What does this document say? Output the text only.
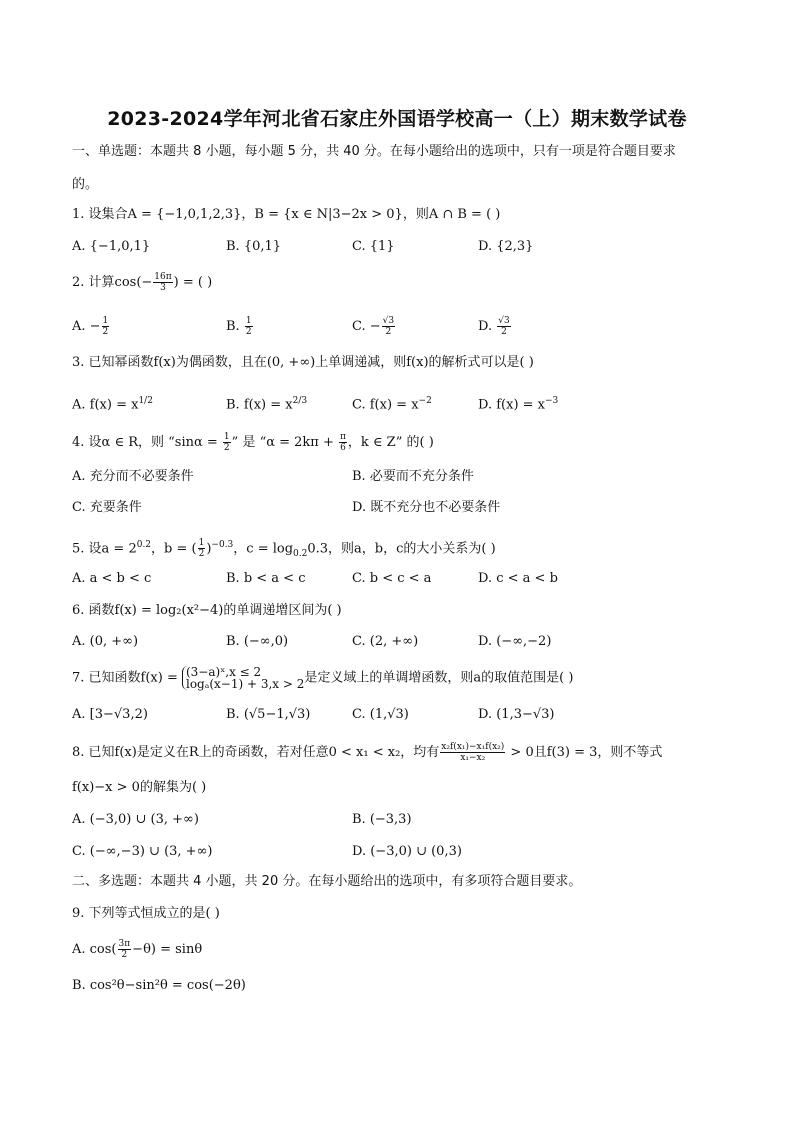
2023-2024学年河北省石家庄外国语学校高一（上）期末数学试卷
一、单选题：本题共 8 小题，每小题 5 分，共 40 分。在每小题给出的选项中，只有一项是符合题目要求
的。
1. 设集合A = {−1,0,1,2,3}，B = {x ∈ N|3−2x > 0}，则A ∩ B = ( )
A. {−1,0,1}	B. {0,1}	C. {1}	D. {2,3}
2. 计算$\cos(- \frac{16\pi}{3}$ ) = ( )
A. − $\frac{1}{2}$	B. $\frac{1}{2}$	C. − $\frac{√3}{2}$	D. $\frac{√3}{2}$
3. 已知幂函数f(x)为偶函数，且在(0, +∞)上单调递减，则f(x)的解析式可以是( )
A. $f(x) = x^{1/2}$	B. $f(x) = x^{2/3}$	C. $f(x) = x^{-2}$	D. $f(x) = x^{-3}$
4. 设α ∈ R，则 “$\sin\alpha = \frac{1}{2}$ ” 是 “$\alpha = 2k\pi + \frac{\pi}{6}$ ，k ∈ Z” 的( )
A. 充分而不必要条件	B. 必要而不充分条件
C. 充要条件	D. 既不充分也不必要条件
5. 设$a = 2^{0.2}$，b = ( $\frac{1}{2} )^{-0.3}$，$c = \log_{0.2}0.3$，则a，b，c的大小关系为( )
A. a < b < c	B. b < a < c	C. b < c < a	D. c < a < b
6. 函数f(x) = log₂(x²−4)的单调递增区间为( )
A. (0, +∞)	B. (−∞,0)	C. (2, +∞)	D. (−∞,−2)
7. 已知函数f(x) = (3−a)ˣ,x ≤ 2
logₐ(x−1) + 3,x > 2 是定义域上的单调增函数，则a的取值范围是( )
A. [3−√3,2)	B. (√5−1,√3)	C. (1,√3)	D. (1,3−√3)
8. 已知f(x)是定义在R上的奇函数，若对任意0 < x₁ < x₂，均有 $\frac{\text{x₂f(x₁)−x₁f(x₂)}}{\text{x₁−x₂}} > 0$且f(3) = 3，则不等式
f(x)−x > 0的解集为( )
A. (−3,0) ∪ (3, +∞)	B. (−3,3)
C. (−∞,−3) ∪ (3, +∞)	D. (−3,0) ∪ (0,3)
二、多选题：本题共 4 小题，共 20 分。在每小题给出的选项中，有多项符合题目要求。
9. 下列等式恒成立的是( )
A. $\cos( \frac{3\pi}{2} -\theta) = \sin\theta$
B. cos²θ−sin²θ = cos(−2θ)
